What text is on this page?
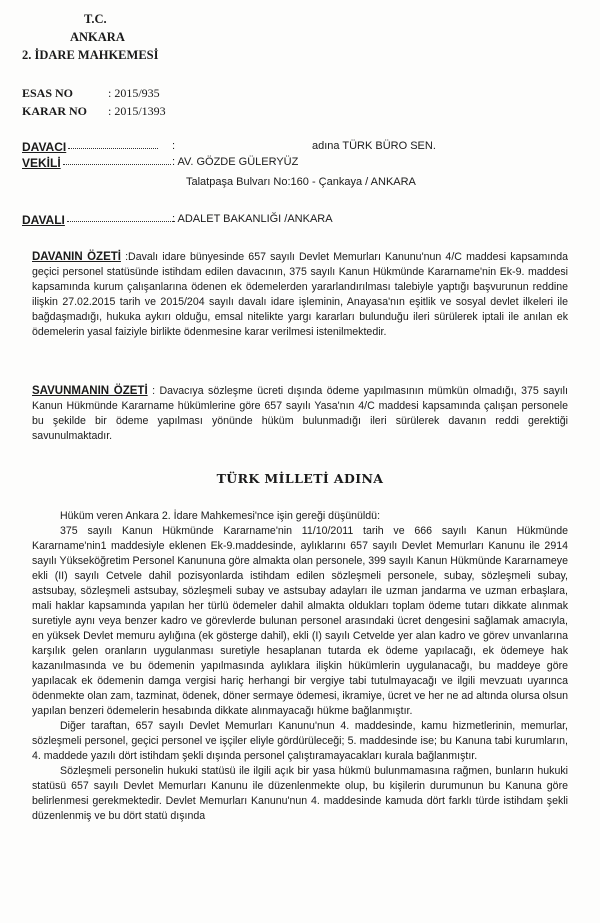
T.C.
ANKARA
2. İDARE MAHKEMESİ
ESAS NO	: 2015/935
KARAR NO : 2015/1393
DAVACI	:	adına TÜRK BÜRO SEN.
VEKİLİ	: AV. GÖZDE GÜLERYÜZ
Talatpaşa Bulvarı No:160 - Çankaya / ANKARA
DAVALI	: ADALET BAKANLIĞI /ANKARA

DAVANIN ÖZETİ :Davalı idare bünyesinde 657 sayılı Devlet Memurları Kanunu'nun 4/C maddesi kapsamında geçici personel statüsünde istihdam edilen davacının, 375 sayılı Kanun Hükmünde Kararname'nin Ek-9. maddesi kapsamında kurum çalışanlarına ödenen ek ödemelerden yararlandırılması talebiyle yaptığı başvurunun reddine ilişkin 27.02.2015 tarih ve 2015/204 sayılı davalı idare işleminin, Anayasa'nın eşitlik ve sosyal devlet ilkeleri ile bağdaşmadığı, hukuka aykırı olduğu, emsal nitelikte yargı kararları bulunduğu ileri sürülerek iptali ile anılan ek ödemelerin yasal faiziyle birlikte ödenmesine karar verilmesi istenilmektedir.

SAVUNMANIN ÖZETİ : Davacıya sözleşme ücreti dışında ödeme yapılmasının mümkün olmadığı, 375 sayılı Kanun Hükmünde Kararname hükümlerine göre 657 sayılı Yasa'nın 4/C maddesi kapsamında çalışan personele bu şekilde bir ödeme yapılması yönünde hüküm bulunmadığı ileri sürülerek davanın reddi gerektiği savunulmaktadır.

TÜRK MİLLETİ ADINA

Hüküm veren Ankara 2. İdare Mahkemesi'nce işin gereği düşünüldü:

375 sayılı Kanun Hükmünde Kararname'nin 11/10/2011 tarih ve 666 sayılı Kanun Hükmünde Kararname'nin1 maddesiyle eklenen Ek-9.maddesinde, aylıklarını 657 sayılı Devlet Memurları Kanunu ile 2914 sayılı Yükseköğretim Personel Kanununa göre almakta olan personele, 399 sayılı Kanun Hükmünde Kararnameye ekli (II) sayılı Cetvele dahil pozisyonlarda istihdam edilen sözleşmeli personele, subay, sözleşmeli subay, astsubay, sözleşmeli astsubay, sözleşmeli subay ve astsubay adayları ile uzman jandarma ve uzman erbaşlara, mali haklar kapsamında yapılan her türlü ödemeler dahil almakta oldukları toplam ödeme tutarı dikkate alınmak suretiyle aynı veya benzer kadro ve görevlerde bulunan personel arasındaki ücret dengesini sağlamak amacıyla, en yüksek Devlet memuru aylığına (ek gösterge dahil), ekli (I) sayılı Cetvelde yer alan kadro ve görev unvanlarına karşılık gelen oranların uygulanması suretiyle hesaplanan tutarda ek ödeme yapılacağı, ek ödemeye hak kazanılmasında ve bu ödemenin yapılmasında aylıklara ilişkin hükümlerin uygulanacağı, bu maddeye göre yapılacak ek ödemenin damga vergisi hariç herhangi bir vergiye tabi tutulmayacağı ve ilgili mevzuatı uyarınca ödenmekte olan zam, tazminat, ödenek, döner sermaye ödemesi, ikramiye, ücret ve her ne ad altında olursa olsun yapılan benzeri ödemelerin hesabında dikkate alınmayacağı hükme bağlanmıştır.

Diğer taraftan, 657 sayılı Devlet Memurları Kanunu'nun 4. maddesinde, kamu hizmetlerinin, memurlar, sözleşmeli personel, geçici personel ve işçiler eliyle gördürüleceği; 5. maddesinde ise; bu Kanuna tabi kurumların, 4. maddede yazılı dört istihdam şekli dışında personel çalıştıramayacakları kurala bağlanmıştır.

Sözleşmeli personelin hukuki statüsü ile ilgili açık bir yasa hükmü bulunmamasına rağmen, bunların hukuki statüsü 657 sayılı Devlet Memurları Kanunu ile düzenlenmekte olup, bu kişilerin durumunun bu Kanuna göre belirlenmesi gerekmektedir. Devlet Memurları Kanunu'nun 4. maddesinde kamuda dört farklı türde istihdam şekli düzenlenmiş ve bu dört statü dışında
